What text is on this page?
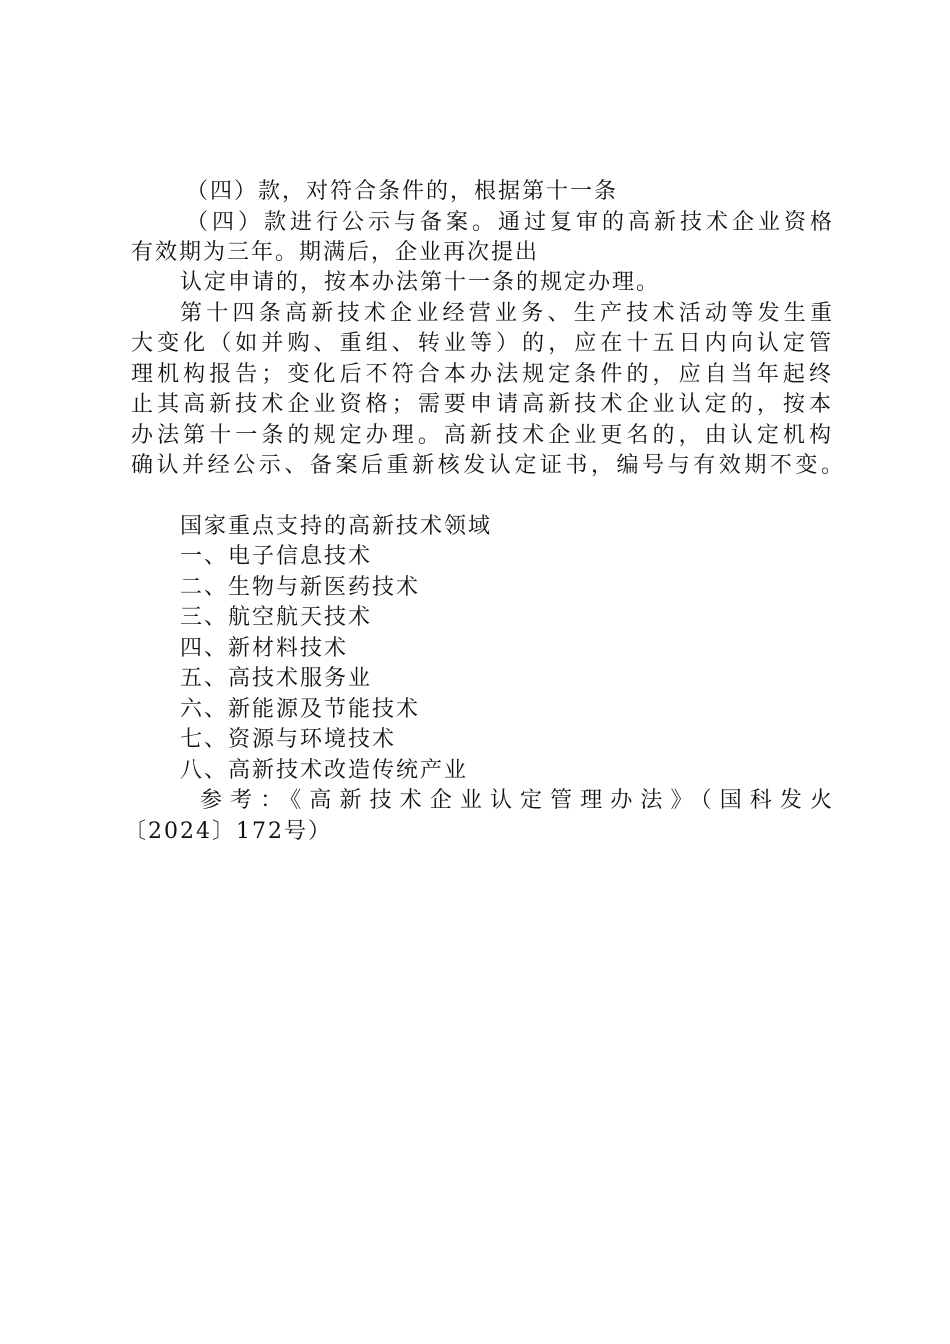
（四）款，对符合条件的，根据第十一条
（四）款进行公示与备案。通过复审的高新技术企业资格
有效期为三年。期满后，企业再次提出
认定申请的，按本办法第十一条的规定办理。
第十四条高新技术企业经营业务、生产技术活动等发生重
大变化（如并购、重组、转业等）的，应在十五日内向认定管
理机构报告；变化后不符合本办法规定条件的，应自当年起终
止其高新技术企业资格；需要申请高新技术企业认定的，按本
办法第十一条的规定办理。高新技术企业更名的，由认定机构
确认并经公示、备案后重新核发认定证书，编号与有效期不变。
国家重点支持的高新技术领域
一、电子信息技术
二、生物与新医药技术
三、航空航天技术
四、新材料技术
五、高技术服务业
六、新能源及节能技术
七、资源与环境技术
八、高新技术改造传统产业
参考：《高新技术企业认定管理办法》（国科发火
〔2024〕172号）
